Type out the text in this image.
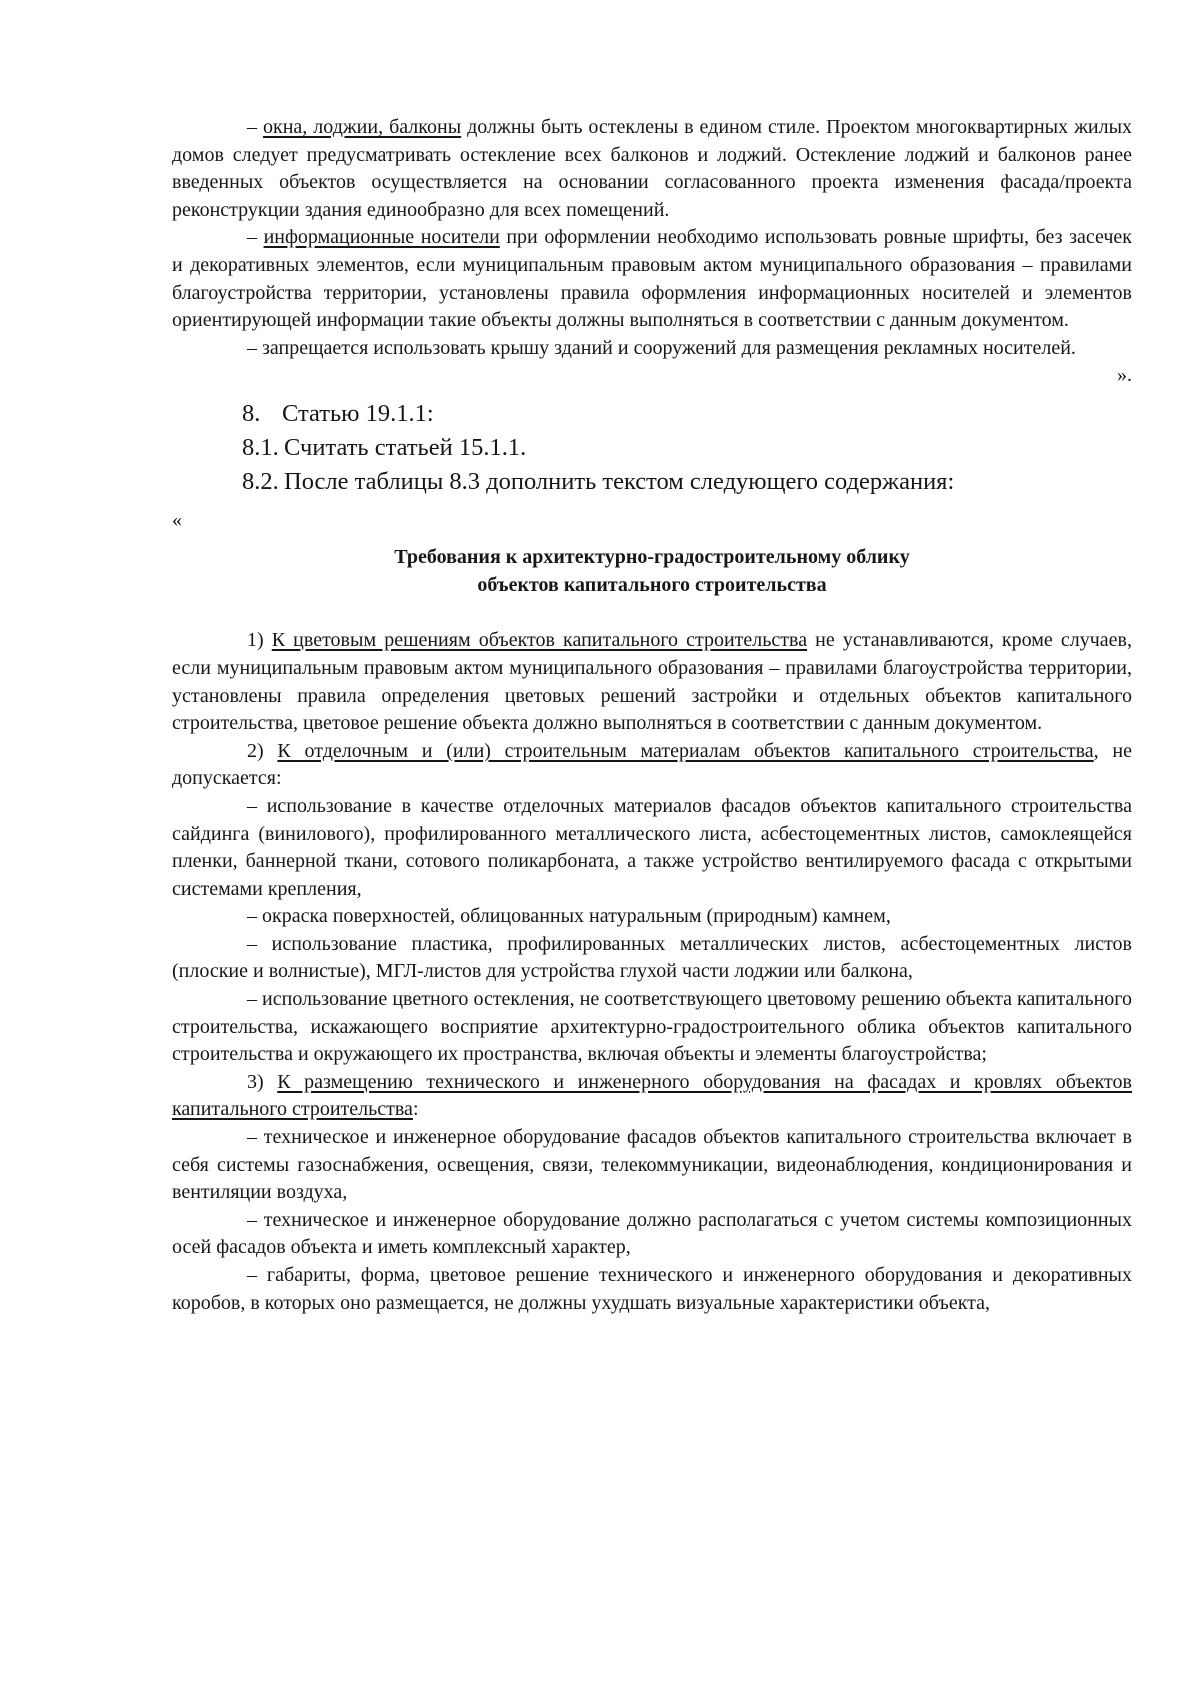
– окна, лоджии, балконы должны быть остеклены в едином стиле. Проектом многоквартирных жилых домов следует предусматривать остекление всех балконов и лоджий. Остекление лоджий и балконов ранее введенных объектов осуществляется на основании согласованного проекта изменения фасада/проекта реконструкции здания единообразно для всех помещений.

– информационные носители при оформлении необходимо использовать ровные шрифты, без засечек и декоративных элементов, если муниципальным правовым актом муниципального образования – правилами благоустройства территории, установлены правила оформления информационных носителей и элементов ориентирующей информации такие объекты должны выполняться в соответствии с данным документом.

– запрещается использовать крышу зданий и сооружений для размещения рекламных носителей.

».

8. Статью 19.1.1:

8.1. Считать статьей 15.1.1.

8.2. После таблицы 8.3 дополнить текстом следующего содержания:

«

Требования к архитектурно-градостроительному облику
объектов капитального строительства

1) К цветовым решениям объектов капитального строительства не устанавливаются, кроме случаев, если муниципальным правовым актом муниципального образования – правилами благоустройства территории, установлены правила определения цветовых решений застройки и отдельных объектов капитального строительства, цветовое решение объекта должно выполняться в соответствии с данным документом.

2) К отделочным и (или) строительным материалам объектов капитального строительства, не допускается:

– использование в качестве отделочных материалов фасадов объектов капитального строительства сайдинга (винилового), профилированного металлического листа, асбестоцементных листов, самоклеящейся пленки, баннерной ткани, сотового поликарбоната, а также устройство вентилируемого фасада с открытыми системами крепления,

– окраска поверхностей, облицованных натуральным (природным) камнем,

– использование пластика, профилированных металлических листов, асбестоцементных листов (плоские и волнистые), МГЛ-листов для устройства глухой части лоджии или балкона,

– использование цветного остекления, не соответствующего цветовому решению объекта капитального строительства, искажающего восприятие архитектурно-градостроительного облика объектов капитального строительства и окружающего их пространства, включая объекты и элементы благоустройства;

3) К размещению технического и инженерного оборудования на фасадах и кровлях объектов капитального строительства:

– техническое и инженерное оборудование фасадов объектов капитального строительства включает в себя системы газоснабжения, освещения, связи, телекоммуникации, видеонаблюдения, кондиционирования и вентиляции воздуха,

– техническое и инженерное оборудование должно располагаться с учетом системы композиционных осей фасадов объекта и иметь комплексный характер,

– габариты, форма, цветовое решение технического и инженерного оборудования и декоративных коробов, в которых оно размещается, не должны ухудшать визуальные характеристики объекта,
